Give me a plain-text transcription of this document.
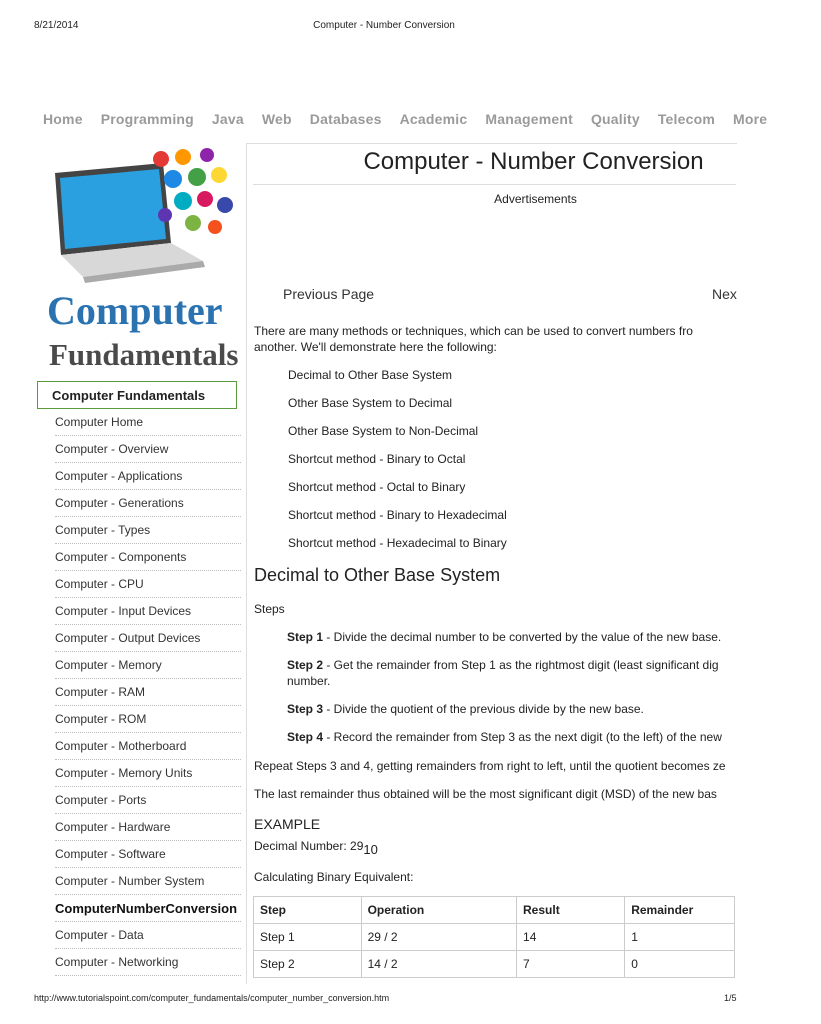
8/21/2014	Computer - Number Conversion
Home Programming Java Web Databases Academic Management Quality Telecom More
Computer
Fundamentals
Computer Fundamentals
Computer Home
Computer - Overview
Computer - Applications
Computer - Generations
Computer - Types
Computer - Components
Computer - CPU
Computer - Input Devices
Computer - Output Devices
Computer - Memory
Computer - RAM
Computer - ROM
Computer - Motherboard
Computer - Memory Units
Computer - Ports
Computer - Hardware
Computer - Software
Computer - Number System
ComputerNumberConversion
Computer - Data
Computer - Networking
Computer - Number Conversion
Advertisements
Previous Page	Nex
There are many methods or techniques, which can be used to convert numbers fro
another. We'll demonstrate here the following:
Decimal to Other Base System
Other Base System to Decimal
Other Base System to Non-Decimal
Shortcut method - Binary to Octal
Shortcut method - Octal to Binary
Shortcut method - Binary to Hexadecimal
Shortcut method - Hexadecimal to Binary
Decimal to Other Base System
Steps
Step 1 - Divide the decimal number to be converted by the value of the new base.
Step 2 - Get the remainder from Step 1 as the rightmost digit (least significant dig
number.
Step 3 - Divide the quotient of the previous divide by the new base.
Step 4 - Record the remainder from Step 3 as the next digit (to the left) of the new
Repeat Steps 3 and 4, getting remainders from right to left, until the quotient becomes ze
The last remainder thus obtained will be the most significant digit (MSD) of the new bas
EXAMPLE
Decimal Number: 2910
Calculating Binary Equivalent:
Step	Operation	Result	Remainder
Step 1	29 / 2	14	1
Step 2	14 / 2	7	0
http://www.tutorialspoint.com/computer_fundamentals/computer_number_conversion.htm	1/5
